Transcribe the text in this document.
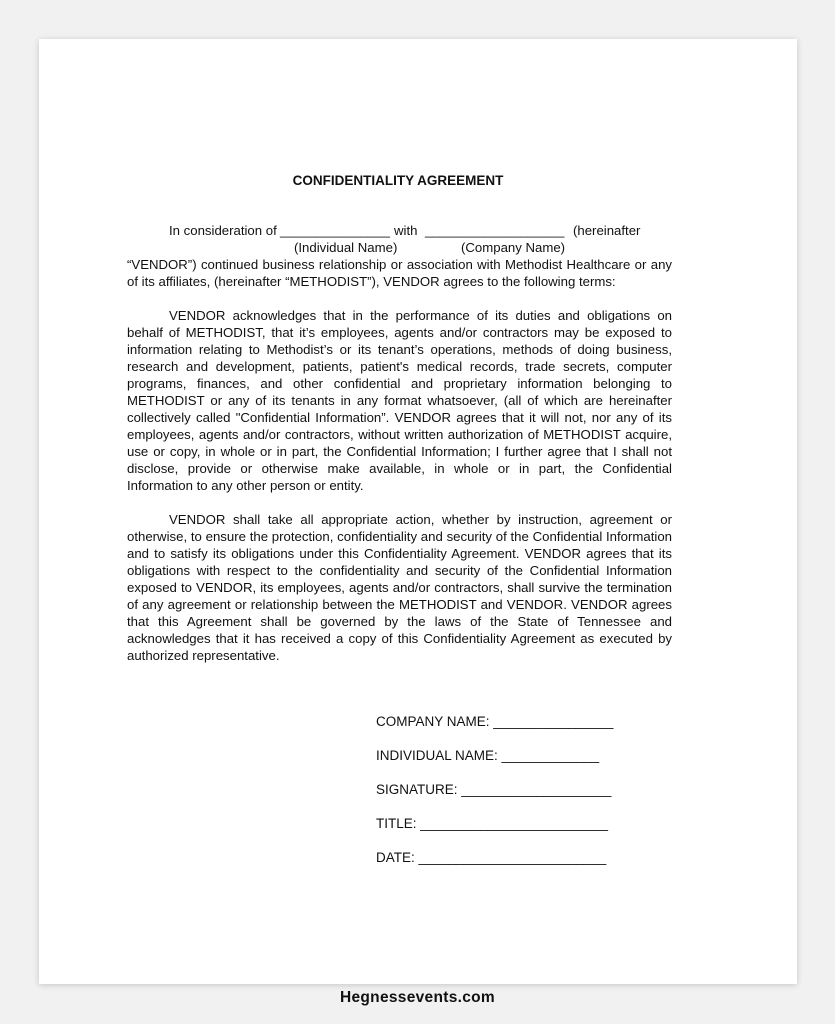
CONFIDENTIALITY AGREEMENT
In consideration of _______________ with ___________________ (hereinafter
(Individual Name)	(Company Name)
“VENDOR”) continued business relationship or association with Methodist Healthcare or any of its affiliates, (hereinafter “METHODIST”), VENDOR agrees to the following terms:

VENDOR acknowledges that in the performance of its duties and obligations on behalf of METHODIST, that it’s employees, agents and/or contractors may be exposed to information relating to Methodist’s or its tenant’s operations, methods of doing business, research and development, patients, patient's medical records, trade secrets, computer programs, finances, and other confidential and proprietary information belonging to METHODIST or any of its tenants in any format whatsoever, (all of which are hereinafter collectively called "Confidential Information”. VENDOR agrees that it will not, nor any of its employees, agents and/or contractors, without written authorization of METHODIST acquire, use or copy, in whole or in part, the Confidential Information; I further agree that I shall not disclose, provide or otherwise make available, in whole or in part, the Confidential Information to any other person or entity.

VENDOR shall take all appropriate action, whether by instruction, agreement or otherwise, to ensure the protection, confidentiality and security of the Confidential Information and to satisfy its obligations under this Confidentiality Agreement. VENDOR agrees that its obligations with respect to the confidentiality and security of the Confidential Information exposed to VENDOR, its employees, agents and/or contractors, shall survive the termination of any agreement or relationship between the METHODIST and VENDOR. VENDOR agrees that this Agreement shall be governed by the laws of the State of Tennessee and acknowledges that it has received a copy of this Confidentiality Agreement as executed by authorized representative.

COMPANY NAME: ________________
INDIVIDUAL NAME: _____________
SIGNATURE: ____________________
TITLE: _________________________
DATE: _________________________
Hegnessevents.com
